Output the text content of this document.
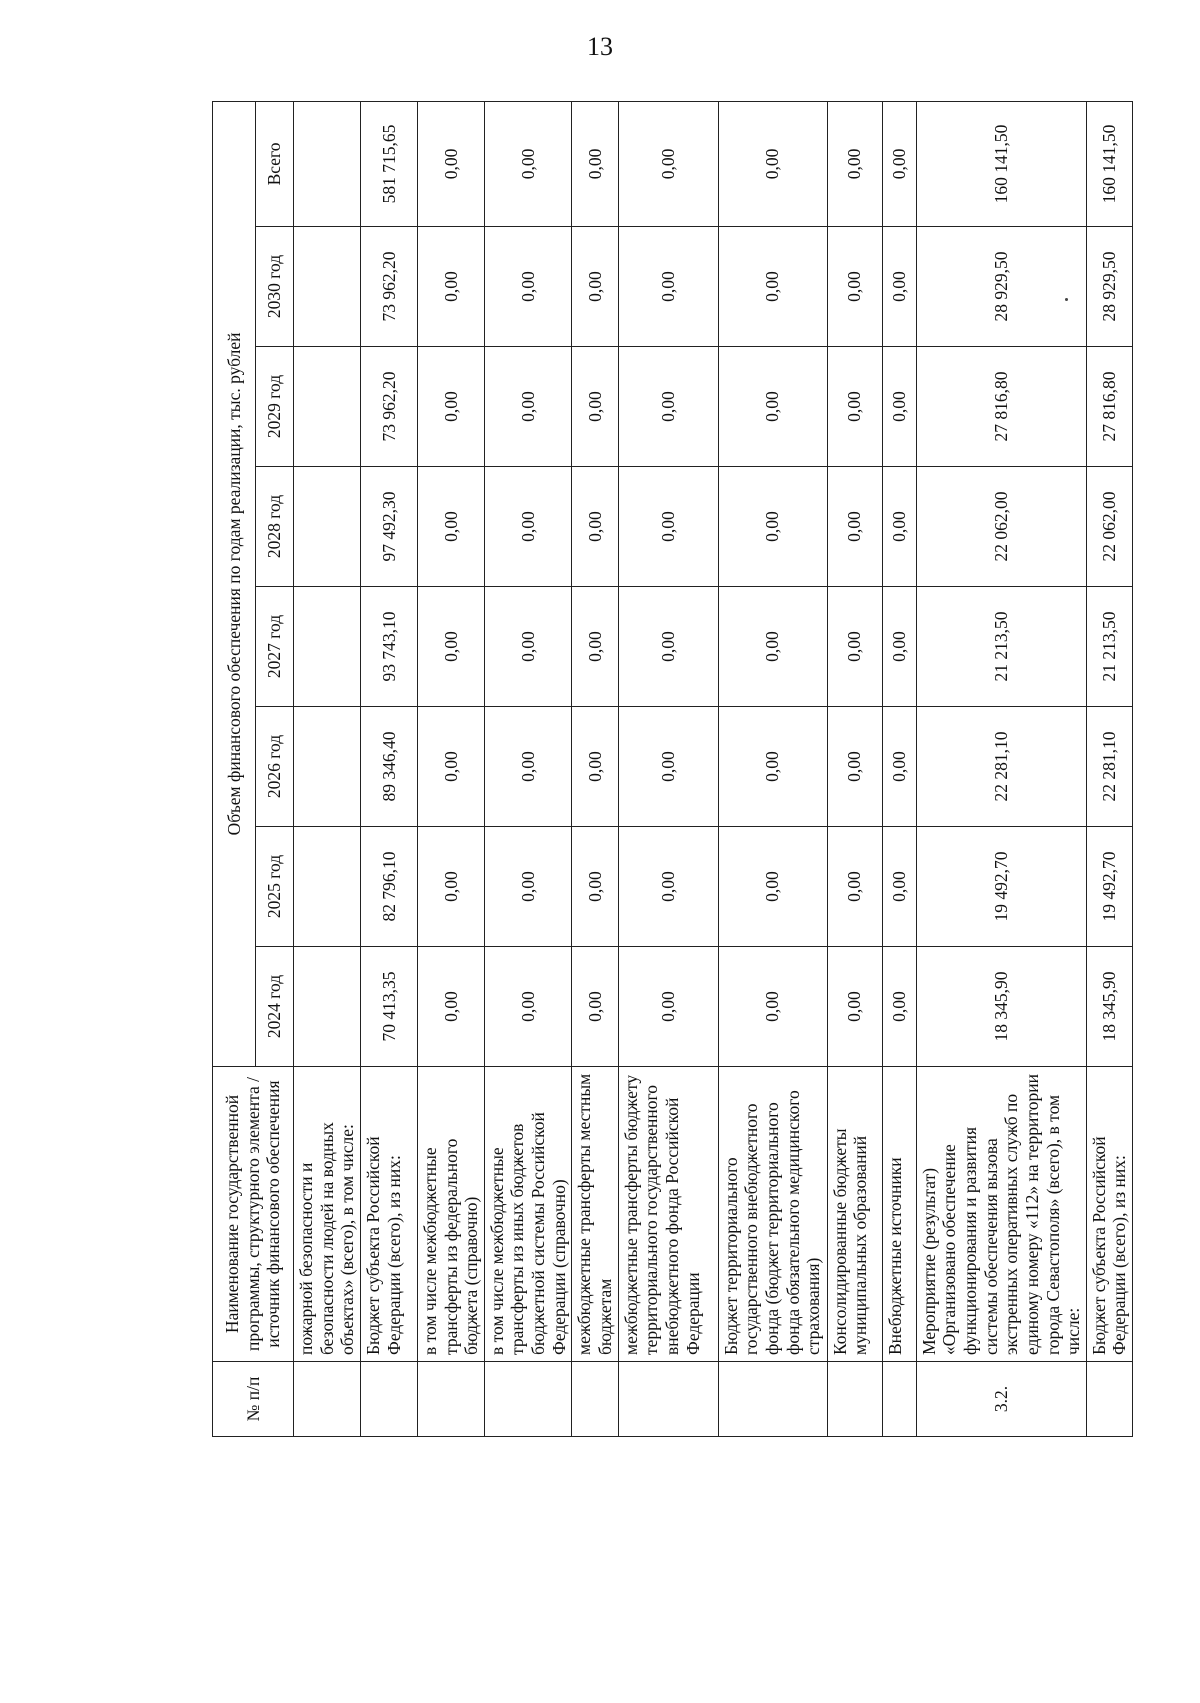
13
№ п/п	Наименование государственной программы, структурного элемента / источник финансового обеспечения	Объем финансового обеспечения по годам реализации, тыс. рублей							
		2024 год	2025 год	2026 год	2027 год	2028 год	2029 год	2030 год	Всего
	пожарной безопасности и безопасности людей на водных объектах» (всего), в том числе:								
	Бюджет субъекта Российской Федерации (всего), из них:	70 413,35	82 796,10	89 346,40	93 743,10	97 492,30	73 962,20	73 962,20	581 715,65
	в том числе межбюджетные трансферты из федерального бюджета (справочно)	0,00	0,00	0,00	0,00	0,00	0,00	0,00	0,00
	в том числе межбюджетные трансферты из иных бюджетов бюджетной системы Российской Федерации (справочно)	0,00	0,00	0,00	0,00	0,00	0,00	0,00	0,00
	межбюджетные трансферты местным бюджетам	0,00	0,00	0,00	0,00	0,00	0,00	0,00	0,00
	межбюджетные трансферты бюджету территориального государственного внебюджетного фонда Российской Федерации	0,00	0,00	0,00	0,00	0,00	0,00	0,00	0,00
	Бюджет территориального государственного внебюджетного фонда (бюджет территориального фонда обязательного медицинского страхования)	0,00	0,00	0,00	0,00	0,00	0,00	0,00	0,00
	Консолидированные бюджеты муниципальных образований	0,00	0,00	0,00	0,00	0,00	0,00	0,00	0,00
	Внебюджетные источники	0,00	0,00	0,00	0,00	0,00	0,00	0,00	0,00
3.2.	Мероприятие (результат) «Организовано обеспечение функционирования и развития системы обеспечения вызова экстренных оперативных служб по единому номеру «112» на территории города Севастополя» (всего), в том числе:	18 345,90	19 492,70	22 281,10	21 213,50	22 062,00	27 816,80	28 929,50	160 141,50
	Бюджет субъекта Российской Федерации (всего), из них:	18 345,90	19 492,70	22 281,10	21 213,50	22 062,00	27 816,80	28 929,50	160 141,50
